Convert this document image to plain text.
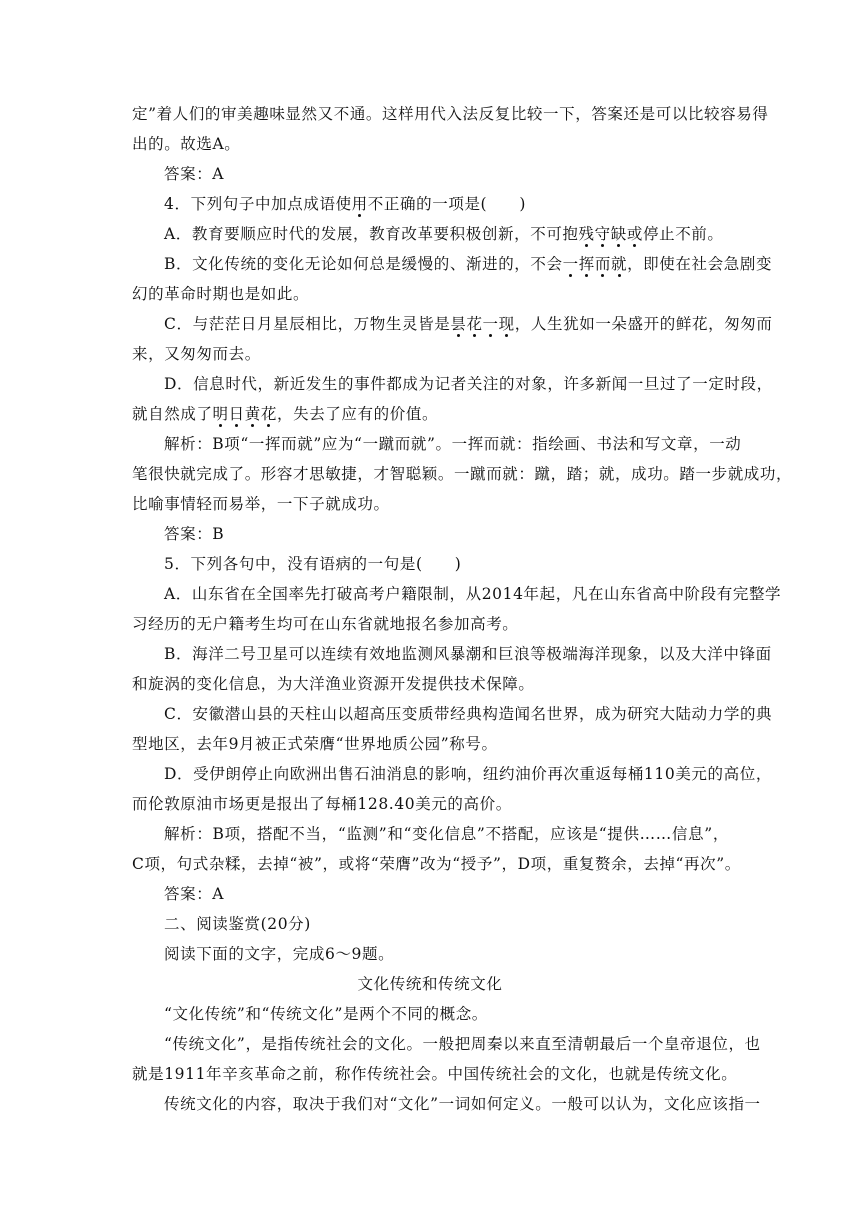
定”着人们的审美趣味显然又不通。这样用代入法反复比较一下，答案还是可以比较容易得
出的。故选A。
答案：A
4．下列句子中加点成语使用不正确的一项是(　　 )
A．教育要顺应时代的发展，教育改革要积极创新，不可抱残守缺或停止不前。
B．文化传统的变化无论如何总是缓慢的、渐进的，不会一挥而就，即使在社会急剧变
幻的革命时期也是如此。
C．与茫茫日月星辰相比，万物生灵皆是昙花一现，人生犹如一朵盛开的鲜花，匆匆而
来，又匆匆而去。
D．信息时代，新近发生的事件都成为记者关注的对象，许多新闻一旦过了一定时段，
就自然成了明日黄花，失去了应有的价值。
解析：B项“一挥而就”应为“一蹴而就”。一挥而就：指绘画、书法和写文章，一动
笔很快就完成了。形容才思敏捷，才智聪颖。一蹴而就：蹴，踏；就，成功。踏一步就成功，
比喻事情轻而易举，一下子就成功。
答案：B
5．下列各句中，没有语病的一句是(　　)
A．山东省在全国率先打破高考户籍限制，从2014年起，凡在山东省高中阶段有完整学
习经历的无户籍考生均可在山东省就地报名参加高考。
B．海洋二号卫星可以连续有效地监测风暴潮和巨浪等极端海洋现象，以及大洋中锋面
和旋涡的变化信息，为大洋渔业资源开发提供技术保障。
C．安徽潜山县的天柱山以超高压变质带经典构造闻名世界，成为研究大陆动力学的典
型地区，去年9月被正式荣膺“世界地质公园”称号。
D．受伊朗停止向欧洲出售石油消息的影响，纽约油价再次重返每桶110美元的高位，
而伦敦原油市场更是报出了每桶128.40美元的高价。
解析：B项，搭配不当，“监测”和“变化信息”不搭配，应该是“提供……信息”，
C项，句式杂糅，去掉“被”，或将“荣膺”改为“授予”，D项，重复赘余，去掉“再次”。
答案：A
二、阅读鉴赏(20分)
阅读下面的文字，完成6～9题。
文化传统和传统文化
“文化传统”和“传统文化”是两个不同的概念。
“传统文化”，是指传统社会的文化。一般把周秦以来直至清朝最后一个皇帝退位，也
就是1911年辛亥革命之前，称作传统社会。中国传统社会的文化，也就是传统文化。
传统文化的内容，取决于我们对“文化”一词如何定义。一般可以认为，文化应该指一
